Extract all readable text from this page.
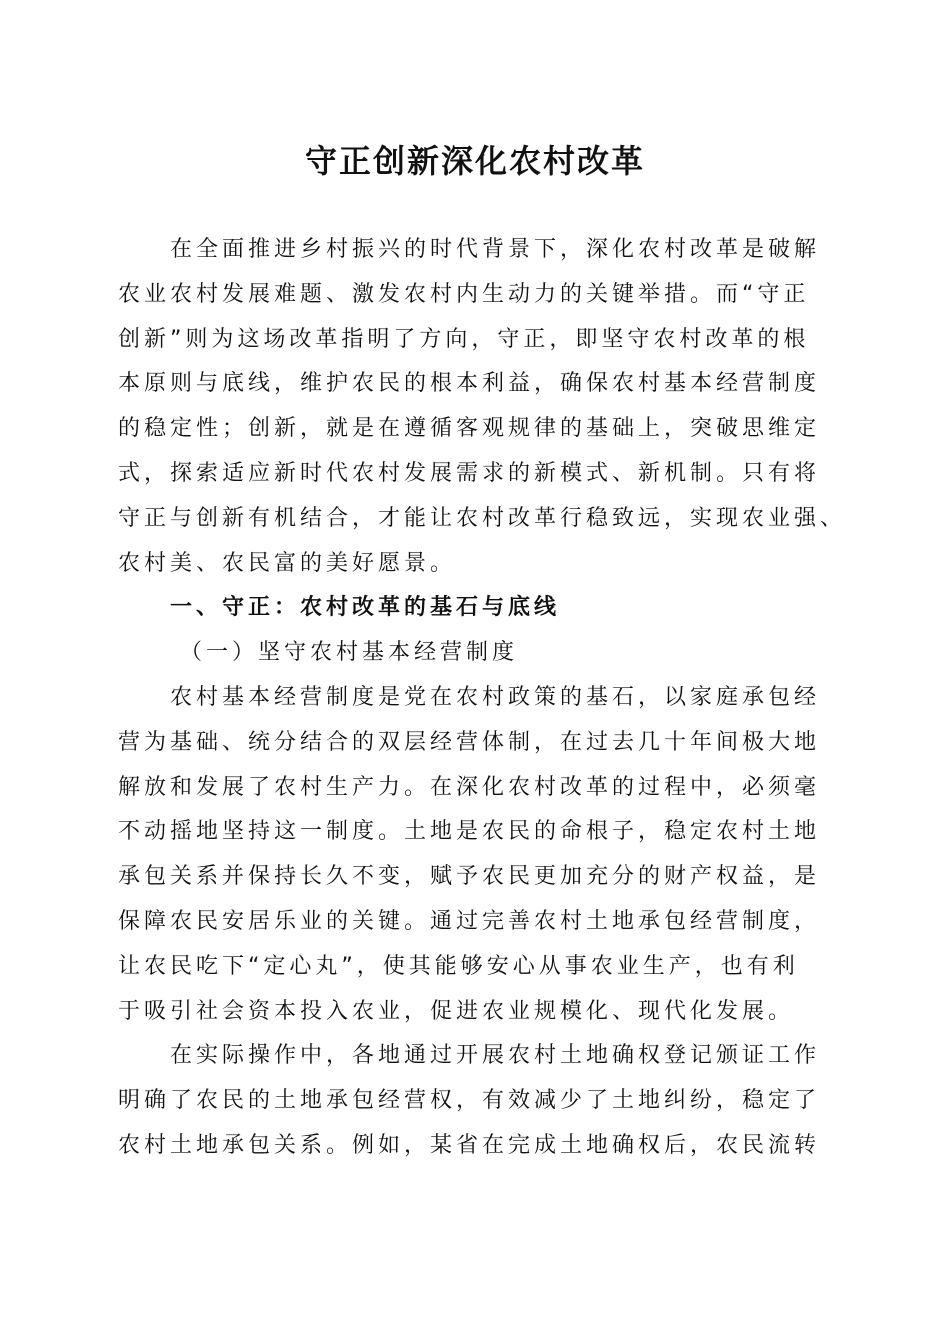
守正创新深化农村改革
在全面推进乡村振兴的时代背景下，深化农村改革是破解
农业农村发展难题、激发农村内生动力的关键举措。而“守正
创新”则为这场改革指明了方向，守正，即坚守农村改革的根
本原则与底线，维护农民的根本利益，确保农村基本经营制度
的稳定性；创新，就是在遵循客观规律的基础上，突破思维定
式，探索适应新时代农村发展需求的新模式、新机制。只有将
守正与创新有机结合，才能让农村改革行稳致远，实现农业强、
农村美、农民富的美好愿景。
一、守正：农村改革的基石与底线
（一）坚守农村基本经营制度
农村基本经营制度是党在农村政策的基石，以家庭承包经
营为基础、统分结合的双层经营体制，在过去几十年间极大地
解放和发展了农村生产力。在深化农村改革的过程中，必须毫
不动摇地坚持这一制度。土地是农民的命根子，稳定农村土地
承包关系并保持长久不变，赋予农民更加充分的财产权益，是
保障农民安居乐业的关键。通过完善农村土地承包经营制度，
让农民吃下“定心丸”，使其能够安心从事农业生产，也有利
于吸引社会资本投入农业，促进农业规模化、现代化发展。
在实际操作中，各地通过开展农村土地确权登记颁证工作
明确了农民的土地承包经营权，有效减少了土地纠纷，稳定了
农村土地承包关系。例如，某省在完成土地确权后，农民流转
